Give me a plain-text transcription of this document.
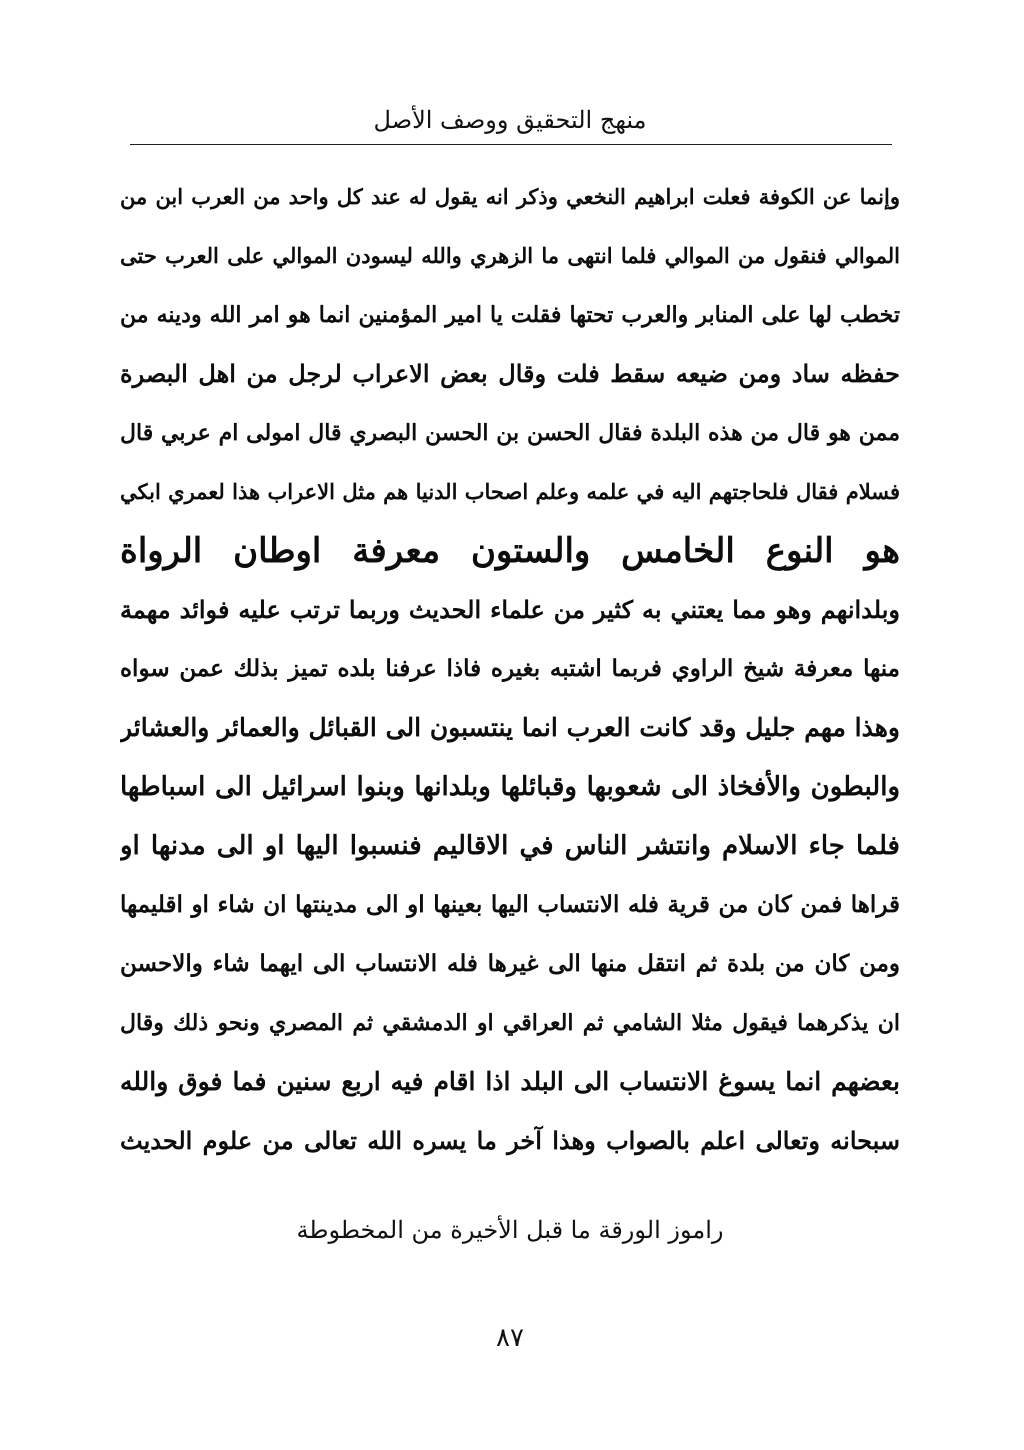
منهج التحقيق ووصف الأصل
وإنما عن الكوفة فعلت ابراهيم النخعي وذكر انه يقول له عند كل واحد من العرب ابن من
الموالي فنقول من الموالي فلما انتهى ما الزهري والله ليسودن الموالي على العرب حتى
تخطب لها على المنابر والعرب تحتها فقلت يا امير المؤمنين انما هو امر الله ودينه من
حفظه ساد ومن ضيعه سقط فلت وقال بعض الاعراب لرجل من اهل البصرة
ممن هو قال من هذه البلدة فقال الحسن بن الحسن البصري قال امولى ام عربي قال
فسلام فقال فلحاجتهم اليه في علمه وعلم اصحاب الدنيا هم مثل الاعراب هذا لعمري ابكي
هو النوع الخامس والستون معرفة اوطان الرواة
وبلدانهم وهو مما يعتني به كثير من علماء الحديث وربما ترتب عليه فوائد مهمة
منها معرفة شيخ الراوي فربما اشتبه بغيره فاذا عرفنا بلده تميز بذلك عمن سواه
وهذا مهم جليل وقد كانت العرب انما ينتسبون الى القبائل والعمائر والعشائر
والبطون والأفخاذ الى شعوبها وقبائلها وبلدانها وبنوا اسرائيل الى اسباطها
فلما جاء الاسلام وانتشر الناس في الاقاليم فنسبوا اليها او الى مدنها او
قراها فمن كان من قرية فله الانتساب اليها بعينها او الى مدينتها ان شاء او اقليمها
ومن كان من بلدة ثم انتقل منها الى غيرها فله الانتساب الى ايهما شاء والاحسن
ان يذكرهما فيقول مثلا الشامي ثم العراقي او الدمشقي ثم المصري ونحو ذلك وقال
بعضهم انما يسوغ الانتساب الى البلد اذا اقام فيه اربع سنين فما فوق والله
سبحانه وتعالى اعلم بالصواب وهذا آخر ما يسره الله تعالى من علوم الحديث
راموز الورقة ما قبل الأخيرة من المخطوطة
٨٧
